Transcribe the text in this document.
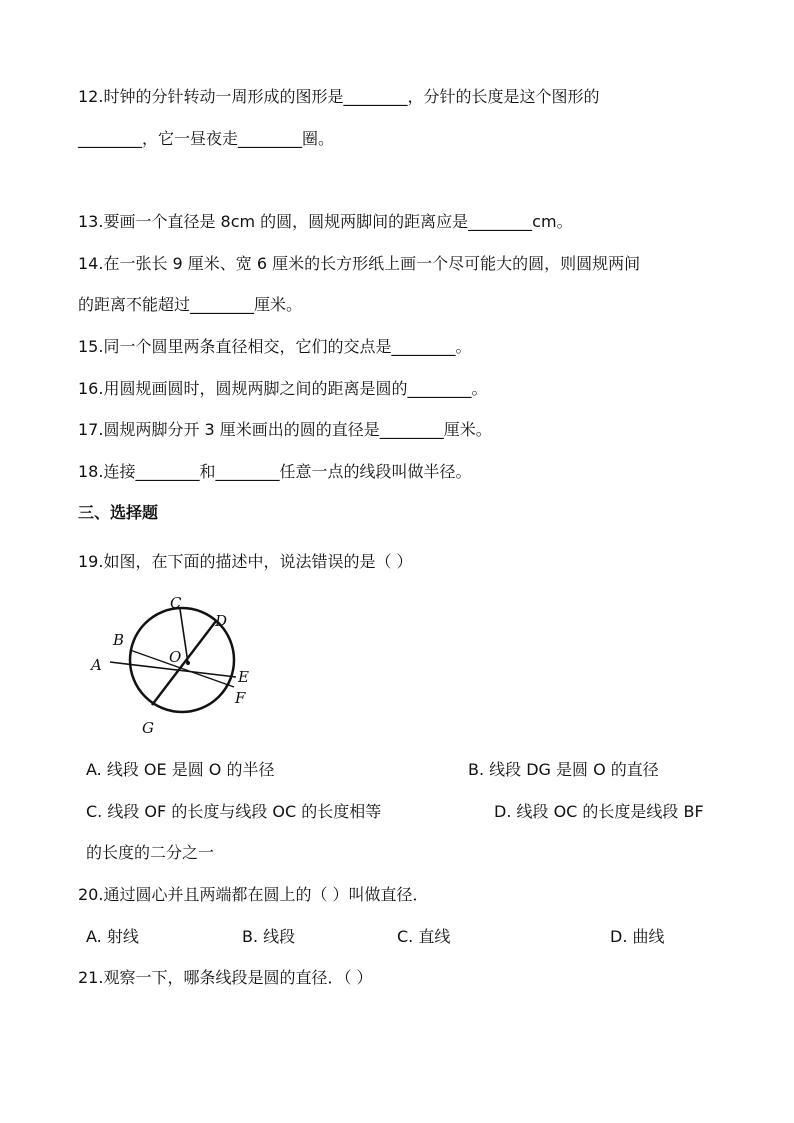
12.时钟的分针转动一周形成的图形是________，分针的长度是这个图形的
________，它一昼夜走________圈。
13.要画一个直径是 8cm 的圆，圆规两脚间的距离应是________cm。
14.在一张长 9 厘米、宽 6 厘米的长方形纸上画一个尽可能大的圆，则圆规两间
的距离不能超过________厘米。
15.同一个圆里两条直径相交，它们的交点是________。
16.用圆规画圆时，圆规两脚之间的距离是圆的________。
17.圆规两脚分开 3 厘米画出的圆的直径是________厘米。
18.连接________和________任意一点的线段叫做半径。
三、选择题
19.如图，在下面的描述中，说法错误的是（ ）
A
B
C
D
O
E
F
G
A. 线段 OE 是圆 O 的半径	B. 线段 DG 是圆 O 的直径
C. 线段 OF 的长度与线段 OC 的长度相等	D. 线段 OC 的长度是线段 BF
的长度的二分之一
20.通过圆心并且两端都在圆上的（ ）叫做直径．
A. 射线	B. 线段	C. 直线	D. 曲线
21.观察一下，哪条线段是圆的直径．（ ）
